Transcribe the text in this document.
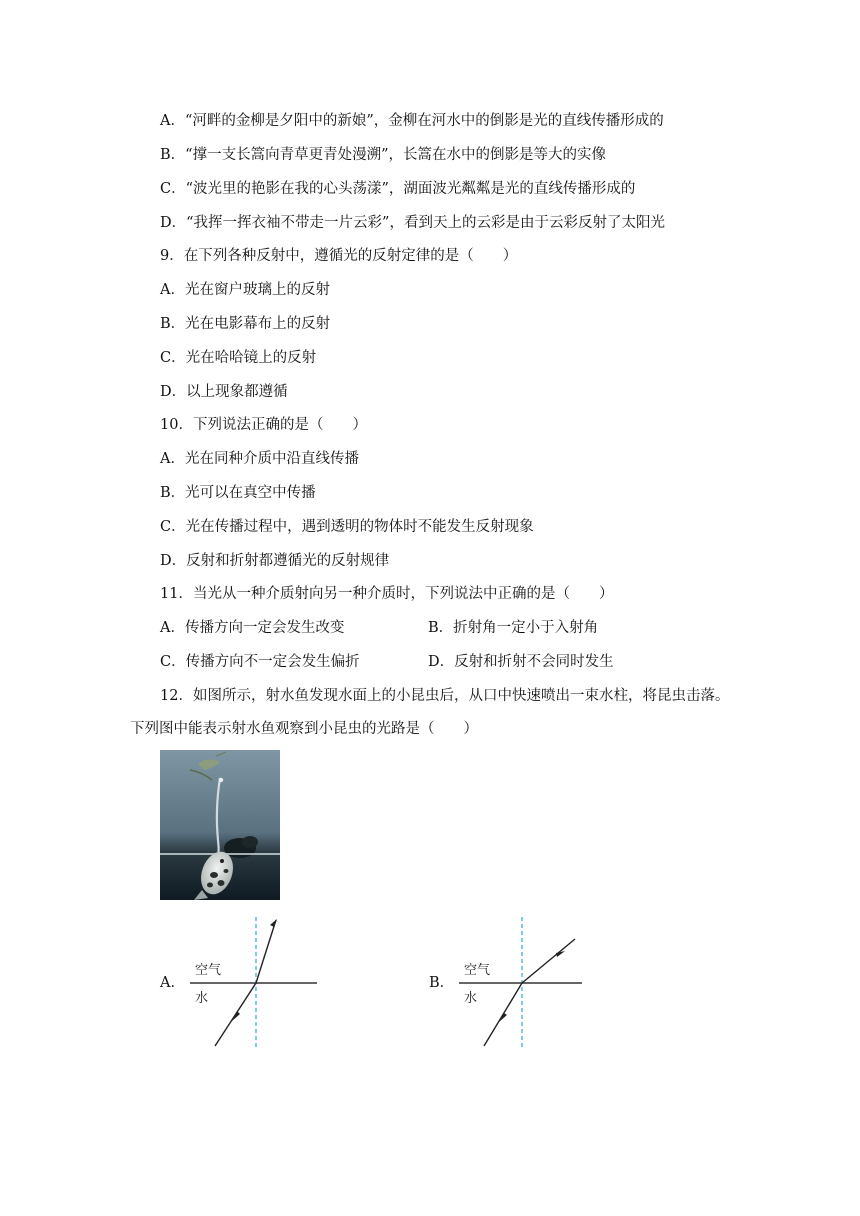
A．“河畔的金柳是夕阳中的新娘”，金柳在河水中的倒影是光的直线传播形成的
B．“撑一支长篙向青草更青处漫溯”，长篙在水中的倒影是等大的实像
C．“波光里的艳影在我的心头荡漾”，湖面波光粼粼是光的直线传播形成的
D．“我挥一挥衣袖不带走一片云彩”，看到天上的云彩是由于云彩反射了太阳光
9．在下列各种反射中，遵循光的反射定律的是（　　）
A．光在窗户玻璃上的反射
B．光在电影幕布上的反射
C．光在哈哈镜上的反射
D．以上现象都遵循
10．下列说法正确的是（　　）
A．光在同种介质中沿直线传播
B．光可以在真空中传播
C．光在传播过程中，遇到透明的物体时不能发生反射现象
D．反射和折射都遵循光的反射规律
11．当光从一种介质射向另一种介质时，下列说法中正确的是（　　）
A．传播方向一定会发生改变	B．折射角一定小于入射角
C．传播方向不一定会发生偏折	D．反射和折射不会同时发生
12．如图所示，射水鱼发现水面上的小昆虫后，从口中快速喷出一束水柱，将昆虫击落。
下列图中能表示射水鱼观察到小昆虫的光路是（　　）
A．
空气
水
B．
空气
水
